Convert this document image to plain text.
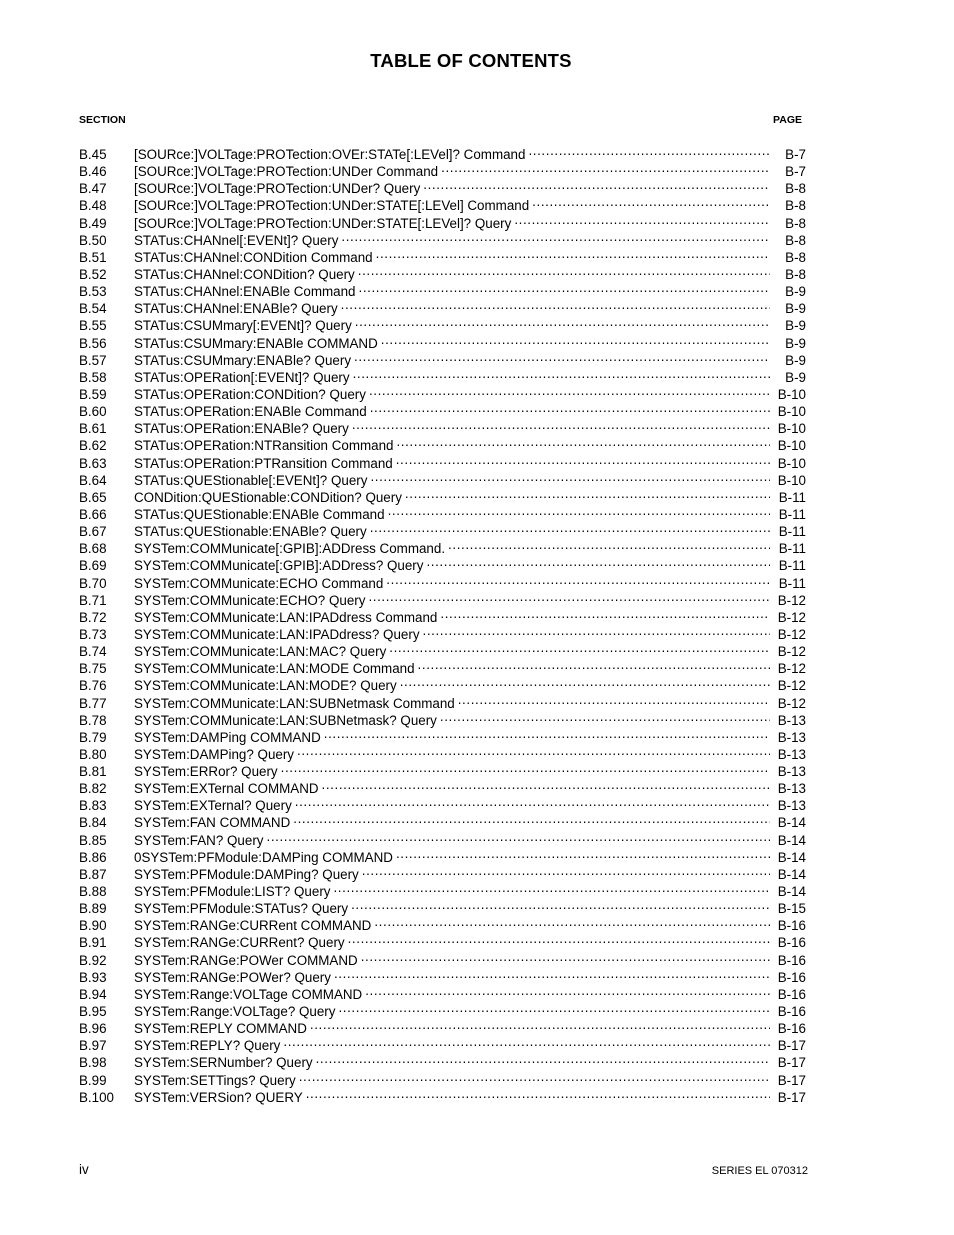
TABLE OF CONTENTS
SECTION	PAGE
B.45	[SOURce:]VOLTage:PROTection:OVEr:STATe[:LEVel]? Command .....	B-7
B.46	[SOURce:]VOLTage:PROTection:UNDer Command .....	B-7
B.47	[SOURce:]VOLTage:PROTection:UNDer? Query .....	B-8
B.48	[SOURce:]VOLTage:PROTection:UNDer:STATE[:LEVel] Command .....	B-8
B.49	[SOURce:]VOLTage:PROTection:UNDer:STATE[:LEVel]? Query .....	B-8
B.50	STATus:CHANnel[:EVENt]? Query .....	B-8
B.51	STATus:CHANnel:CONDition Command .....	B-8
B.52	STATus:CHANnel:CONDition? Query .....	B-8
B.53	STATus:CHANnel:ENABle Command .....	B-9
B.54	STATus:CHANnel:ENABle? Query .....	B-9
B.55	STATus:CSUMmary[:EVENt]? Query .....	B-9
B.56	STATus:CSUMmary:ENABle COMMAND .....	B-9
B.57	STATus:CSUMmary:ENABle? Query .....	B-9
B.58	STATus:OPERation[:EVENt]? Query .....	B-9
B.59	STATus:OPERation:CONDition? Query .....	B-10
B.60	STATus:OPERation:ENABle Command .....	B-10
B.61	STATus:OPERation:ENABle? Query .....	B-10
B.62	STATus:OPERation:NTRansition Command .....	B-10
B.63	STATus:OPERation:PTRansition Command .....	B-10
B.64	STATus:QUEStionable[:EVENt]? Query .....	B-10
B.65	CONDition:QUEStionable:CONDition? Query .....	B-11
B.66	STATus:QUEStionable:ENABle Command .....	B-11
B.67	STATus:QUEStionable:ENABle? Query .....	B-11
B.68	SYSTem:COMMunicate[:GPIB]:ADDress Command. .....	B-11
B.69	SYSTem:COMMunicate[:GPIB]:ADDress? Query .....	B-11
B.70	SYSTem:COMMunicate:ECHO Command .....	B-11
B.71	SYSTem:COMMunicate:ECHO? Query .....	B-12
B.72	SYSTem:COMMunicate:LAN:IPADdress Command .....	B-12
B.73	SYSTem:COMMunicate:LAN:IPADdress? Query .....	B-12
B.74	SYSTem:COMMunicate:LAN:MAC? Query .....	B-12
B.75	SYSTem:COMMunicate:LAN:MODE Command .....	B-12
B.76	SYSTem:COMMunicate:LAN:MODE? Query .....	B-12
B.77	SYSTem:COMMunicate:LAN:SUBNetmask Command .....	B-12
B.78	SYSTem:COMMunicate:LAN:SUBNetmask? Query .....	B-13
B.79	SYSTem:DAMPing COMMAND .....	B-13
B.80	SYSTem:DAMPing? Query .....	B-13
B.81	SYSTem:ERRor? Query .....	B-13
B.82	SYSTem:EXTernal COMMAND .....	B-13
B.83	SYSTem:EXTernal? Query .....	B-13
B.84	SYSTem:FAN COMMAND .....	B-14
B.85	SYSTem:FAN? Query .....	B-14
B.86	0SYSTem:PFModule:DAMPing COMMAND .....	B-14
B.87	SYSTem:PFModule:DAMPing? Query .....	B-14
B.88	SYSTem:PFModule:LIST? Query .....	B-14
B.89	SYSTem:PFModule:STATus? Query .....	B-15
B.90	SYSTem:RANGe:CURRent COMMAND .....	B-16
B.91	SYSTem:RANGe:CURRent? Query .....	B-16
B.92	SYSTem:RANGe:POWer COMMAND .....	B-16
B.93	SYSTem:RANGe:POWer? Query .....	B-16
B.94	SYSTem:Range:VOLTage COMMAND .....	B-16
B.95	SYSTem:Range:VOLTage? Query .....	B-16
B.96	SYSTem:REPLY COMMAND .....	B-16
B.97	SYSTem:REPLY? Query .....	B-17
B.98	SYSTem:SERNumber? Query .....	B-17
B.99	SYSTem:SETTings? Query .....	B-17
B.100	SYSTem:VERSion? QUERY .....	B-17
iv	SERIES EL 070312
